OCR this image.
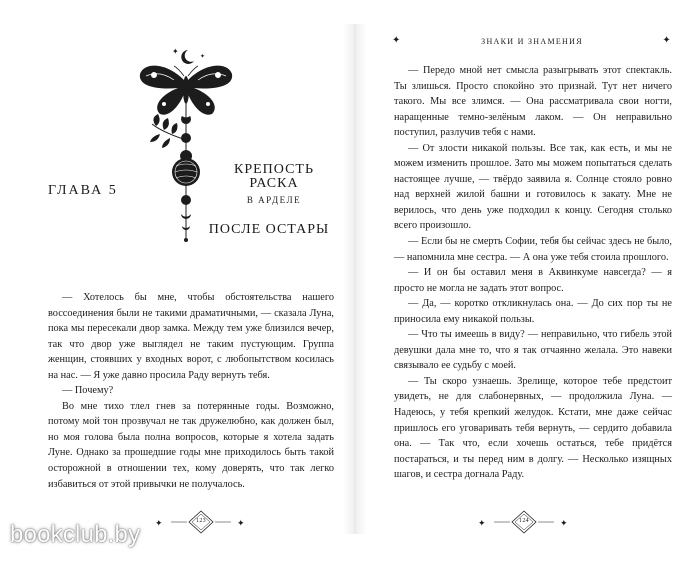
✦
✦
ГЛАВА 5
КРЕПОСТЬ
РАСКА
В АРДЕЛЕ
ПОСЛЕ ОСТАРЫ

— Хотелось бы мне, чтобы обстоятельства нашего воссоединения были не такими драматичными, — сказала Луна, пока мы пересекали двор замка. Между тем уже близился вечер, так что двор уже выглядел не таким пустующим. Группа женщин, стоявших у входных ворот, с любопытством косилась на нас. — Я уже давно просила Раду вернуть тебя.

— Почему?

Во мне тихо тлел гнев за потерянные годы. Возможно, потому мой тон прозвучал не так дружелюбно, как должен был, но моя голова была полна вопросов, которые я хотела задать Луне. Однако за прошедшие годы мне приходилось быть такой осторожной в отношении тех, кому доверять, что так легко избавиться от этой привычки не получалось.

✦	✦
123
✦	ЗНАКИ И ЗНАМЕНИЯ	✦

— Передо мной нет смысла разыгрывать этот спектакль. Ты злишься. Просто спокойно это признай. Тут нет ничего такого. Мы все злимся. — Она рассматривала свои ногти, наращенные темно-зелёным лаком. — Он неправильно поступил, разлучив тебя с нами.

— От злости никакой пользы. Все так, как есть, и мы не можем изменить прошлое. Зато мы можем попытаться сделать настоящее лучше, — твёрдо заявила я. Солнце стояло ровно над верхней жилой башни и готовилось к закату. Мне не верилось, что день уже подходил к концу. Сегодня столько всего произошло.

— Если бы не смерть Софии, тебя бы сейчас здесь не было, — напомнила мне сестра. — А она уже тебя стоила прошлого.

— И он бы оставил меня в Аквинкуме навсегда? — я просто не могла не задать этот вопрос.

— Да, — коротко откликнулась она. — До сих пор ты не приносила ему никакой пользы.

— Что ты имеешь в виду? — неправильно, что гибель этой девушки дала мне то, что я так отчаянно желала. Это навеки связывало ее судьбу с моей.

— Ты скоро узнаешь. Зрелище, которое тебе предстоит увидеть, не для слабонервных, — продолжила Луна. — Надеюсь, у тебя крепкий желудок. Кстати, мне даже сейчас пришлось его уговаривать тебя вернуть, — сердито добавила она. — Так что, если хочешь остаться, тебе придётся постараться, и ты перед ним в долгу. — Несколько изящных шагов, и сестра догнала Раду.

✦	✦
124
bookclub.by
